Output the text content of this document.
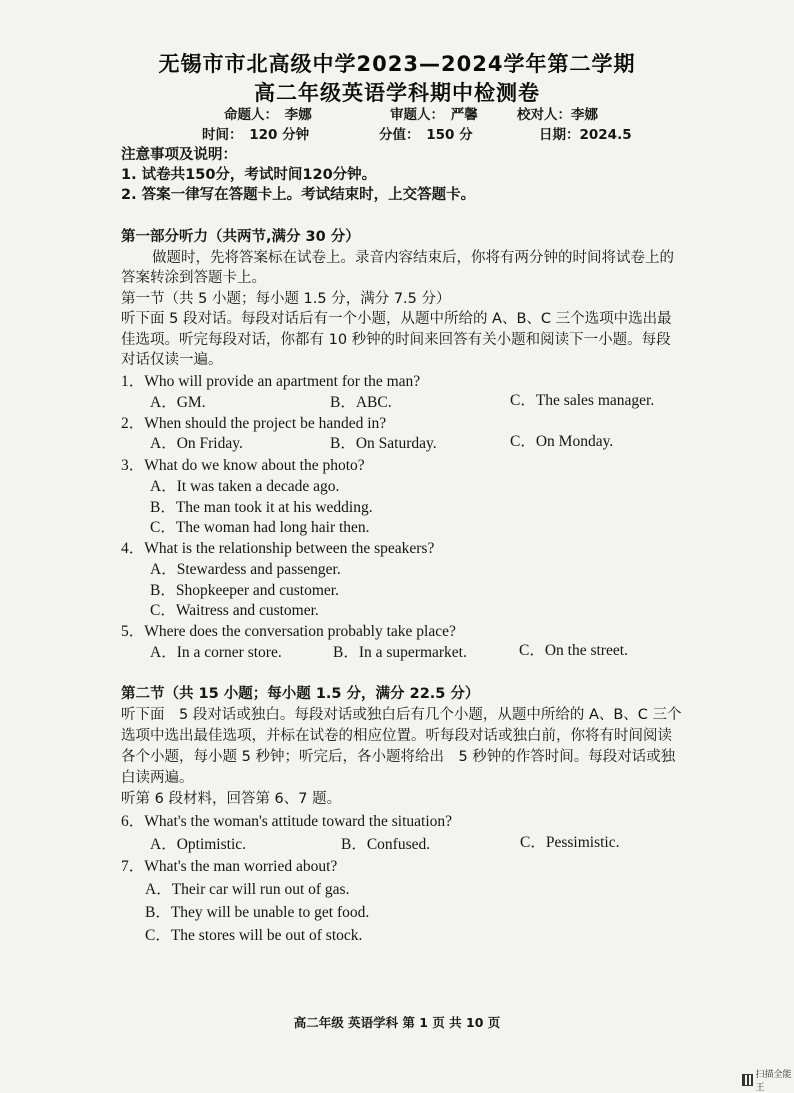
无锡市市北高级中学2023—2024学年第二学期
高二年级英语学科期中检测卷
命题人：　李娜	审题人：　严馨	校对人：李娜
时间：　120 分钟	分值：　150 分	日期：2024.5
注意事项及说明：
1. 试卷共150分，考试时间120分钟。
2. 答案一律写在答题卡上。考试结束时，上交答题卡。
第一部分听力（共两节,满分 30 分）
做题时，先将答案标在试卷上。录音内容结束后，你将有两分钟的时间将试卷上的
答案转涂到答题卡上。
第一节（共 5 小题；每小题 1.5 分，满分 7.5 分）
听下面 5 段对话。每段对话后有一个小题，从题中所给的 A、B、C 三个选项中选出最
佳选项。听完每段对话，你都有 10 秒钟的时间来回答有关小题和阅读下一小题。每段
对话仅读一遍。
1．Who will provide an apartment for the man?
A．GM.	B．ABC.	C．The sales manager.
2．When should the project be handed in?
A．On Friday.	B．On Saturday.	C．On Monday.
3．What do we know about the photo?
A．It was taken a decade ago.
B．The man took it at his wedding.
C．The woman had long hair then.
4．What is the relationship between the speakers?
A．Stewardess and passenger.
B．Shopkeeper and customer.
C．Waitress and customer.
5．Where does the conversation probably take place?
A．In a corner store.	B．In a supermarket.	C．On the street.
第二节（共 15 小题；每小题 1.5 分，满分 22.5 分）
听下面　5 段对话或独白。每段对话或独白后有几个小题，从题中所给的 A、B、C 三个
选项中选出最佳选项，并标在试卷的相应位置。听每段对话或独白前，你将有时间阅读
各个小题，每小题 5 秒钟；听完后，各小题将给出　5 秒钟的作答时间。每段对话或独
白读两遍。
听第 6 段材料，回答第 6、7 题。
6．What's the woman's attitude toward the situation?
A．Optimistic.	B．Confused.	C．Pessimistic.
7．What's the man worried about?
A．Their car will run out of gas.
B．They will be unable to get food.
C．The stores will be out of stock.
高二年级 英语学科 第 1 页 共 10 页
扫描全能王
